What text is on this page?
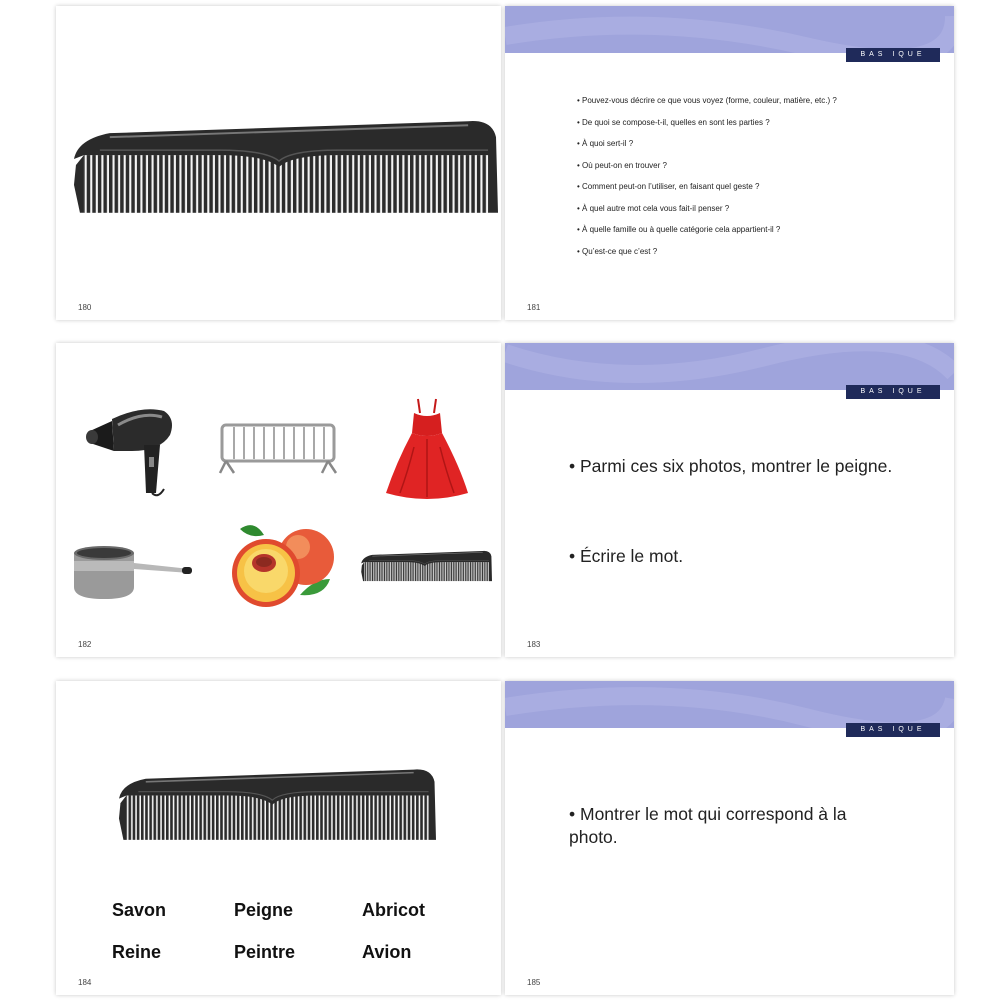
180
BAS IQUE
• Pouvez-vous décrire ce que vous voyez (forme, couleur, matière, etc.) ?
• De quoi se compose-t-il, quelles en sont les parties ?
• À quoi sert-il ?
• Où peut-on en trouver ?
• Comment peut-on l’utiliser, en faisant quel geste ?
• À quel autre mot cela vous fait-il penser ?
• À quelle famille ou à quelle catégorie cela appartient-il ?
• Qu’est-ce que c’est ?
181
182
BAS IQUE
• Parmi ces six photos, montrer le peigne.
• Écrire le mot.
183
Savon	Peigne	Abricot
Reine	Peintre	Avion
184
BAS IQUE
• Montrer le mot qui correspond à la photo.
185
